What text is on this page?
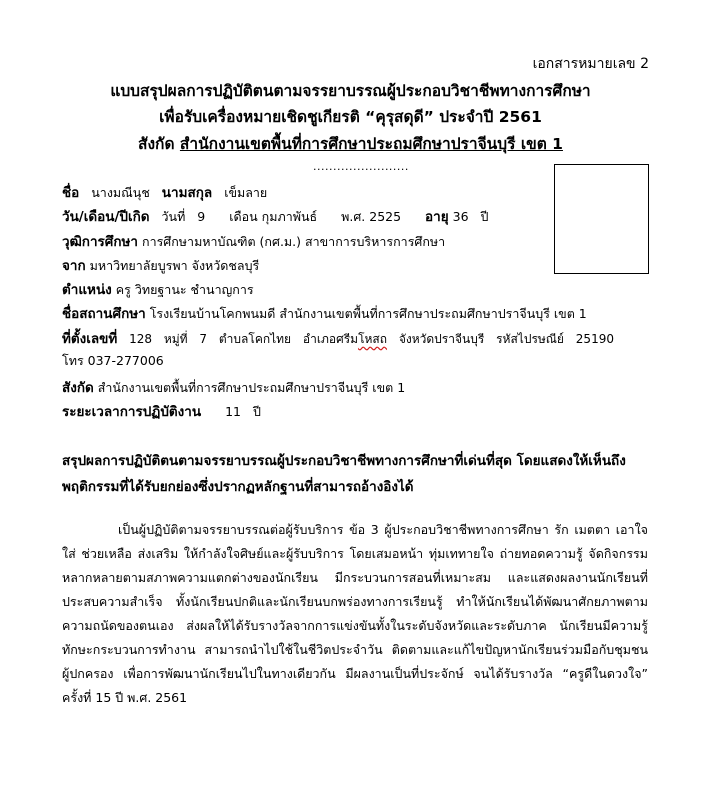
เอกสารหมายเลข 2
แบบสรุปผลการปฏิบัติตนตามจรรยาบรรณผู้ประกอบวิชาชีพทางการศึกษา
เพื่อรับเครื่องหมายเชิดชูเกียรติ “คุรุสดุดี” ประจำปี 2561
สังกัด สำนักงานเขตพื้นที่การศึกษาประถมศึกษาปราจีนบุรี เขต 1
........................
ชื่อ นางมณีนุช นามสกุล เข็มลาย
วัน/เดือน/ปีเกิด วันที่ 9 เดือน กุมภาพันธ์ พ.ศ. 2525 อายุ 36 ปี
วุฒิการศึกษา การศึกษามหาบัณฑิต (กศ.ม.) สาขาการบริหารการศึกษา
จาก มหาวิทยาลัยบูรพา จังหวัดชลบุรี
ตำแหน่ง ครู วิทยฐานะ ชำนาญการ
ชื่อสถานศึกษา โรงเรียนบ้านโคกพนมดี สำนักงานเขตพื้นที่การศึกษาประถมศึกษาปราจีนบุรี เขต 1
ที่ตั้งเลขที่ 128 หมู่ที่ 7 ตำบลโคกไทย อำเภอศรีมโหสถ จังหวัดปราจีนบุรี รหัสไปรษณีย์ 25190
โทร 037-277006
สังกัด สำนักงานเขตพื้นที่การศึกษาประถมศึกษาปราจีนบุรี เขต 1
ระยะเวลาการปฏิบัติงาน 11 ปี
สรุปผลการปฏิบัติตนตามจรรยาบรรณผู้ประกอบวิชาชีพทางการศึกษาที่เด่นที่สุด โดยแสดงให้เห็นถึงพฤติกรรมที่ได้รับยกย่องซึ่งปรากฏหลักฐานที่สามารถอ้างอิงได้
เป็นผู้ปฏิบัติตามจรรยาบรรณต่อผู้รับบริการ ข้อ 3 ผู้ประกอบวิชาชีพทางการศึกษา รัก เมตตา เอาใจใส่ ช่วยเหลือ ส่งเสริม ให้กำลังใจศิษย์และผู้รับบริการ โดยเสมอหน้า ทุ่มเททายใจ ถ่ายทอดความรู้ จัดกิจกรรมหลากหลายตามสภาพความแตกต่างของนักเรียน มีกระบวนการสอนที่เหมาะสม และแสดงผลงานนักเรียนที่ประสบความสำเร็จ ทั้งนักเรียนปกติและนักเรียนบกพร่องทางการเรียนรู้ ทำให้นักเรียนได้พัฒนาศักยภาพตามความถนัดของตนเอง ส่งผลให้ได้รับรางวัลจากการแข่งขันทั้งในระดับจังหวัดและระดับภาค นักเรียนมีความรู้ทักษะกระบวนการทำงาน สามารถนำไปใช้ในชีวิตประจำวัน ติดตามและแก้ไขปัญหานักเรียนร่วมมือกับชุมชน ผู้ปกครอง เพื่อการพัฒนานักเรียนไปในทางเดียวกัน มีผลงานเป็นที่ประจักษ์ จนได้รับรางวัล “ครูดีในดวงใจ” ครั้งที่ 15 ปี พ.ศ. 2561
